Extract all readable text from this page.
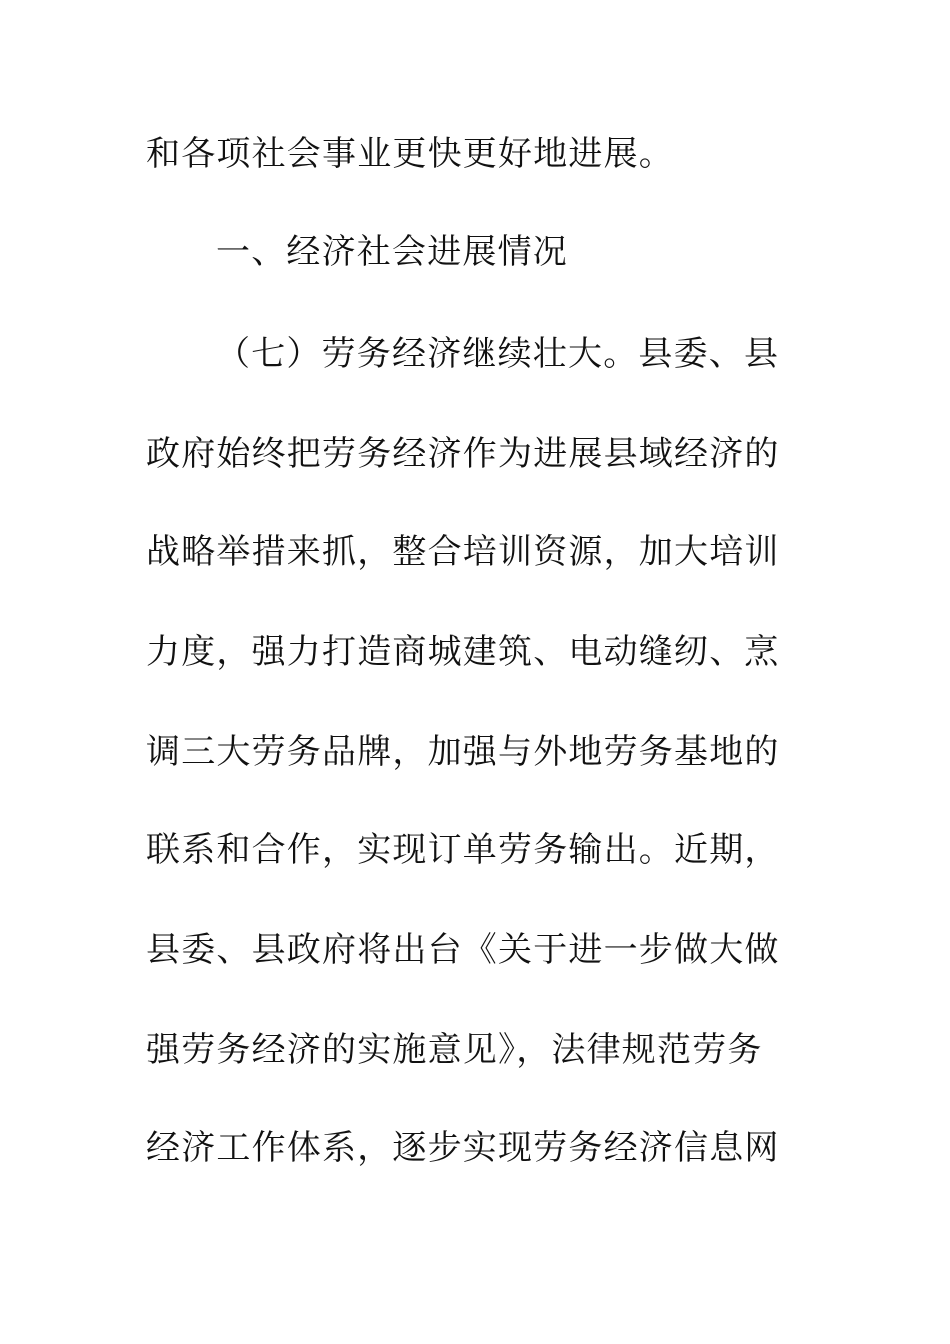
和各项社会事业更快更好地进展。
一、经济社会进展情况
（七）劳务经济继续壮大。县委、县
政府始终把劳务经济作为进展县域经济的
战略举措来抓，整合培训资源，加大培训
力度，强力打造商城建筑、电动缝纫、烹
调三大劳务品牌，加强与外地劳务基地的
联系和合作，实现订单劳务输出。近期，
县委、县政府将出台《关于进一步做大做
强劳务经济的实施意见》，法律规范劳务
经济工作体系，逐步实现劳务经济信息网
